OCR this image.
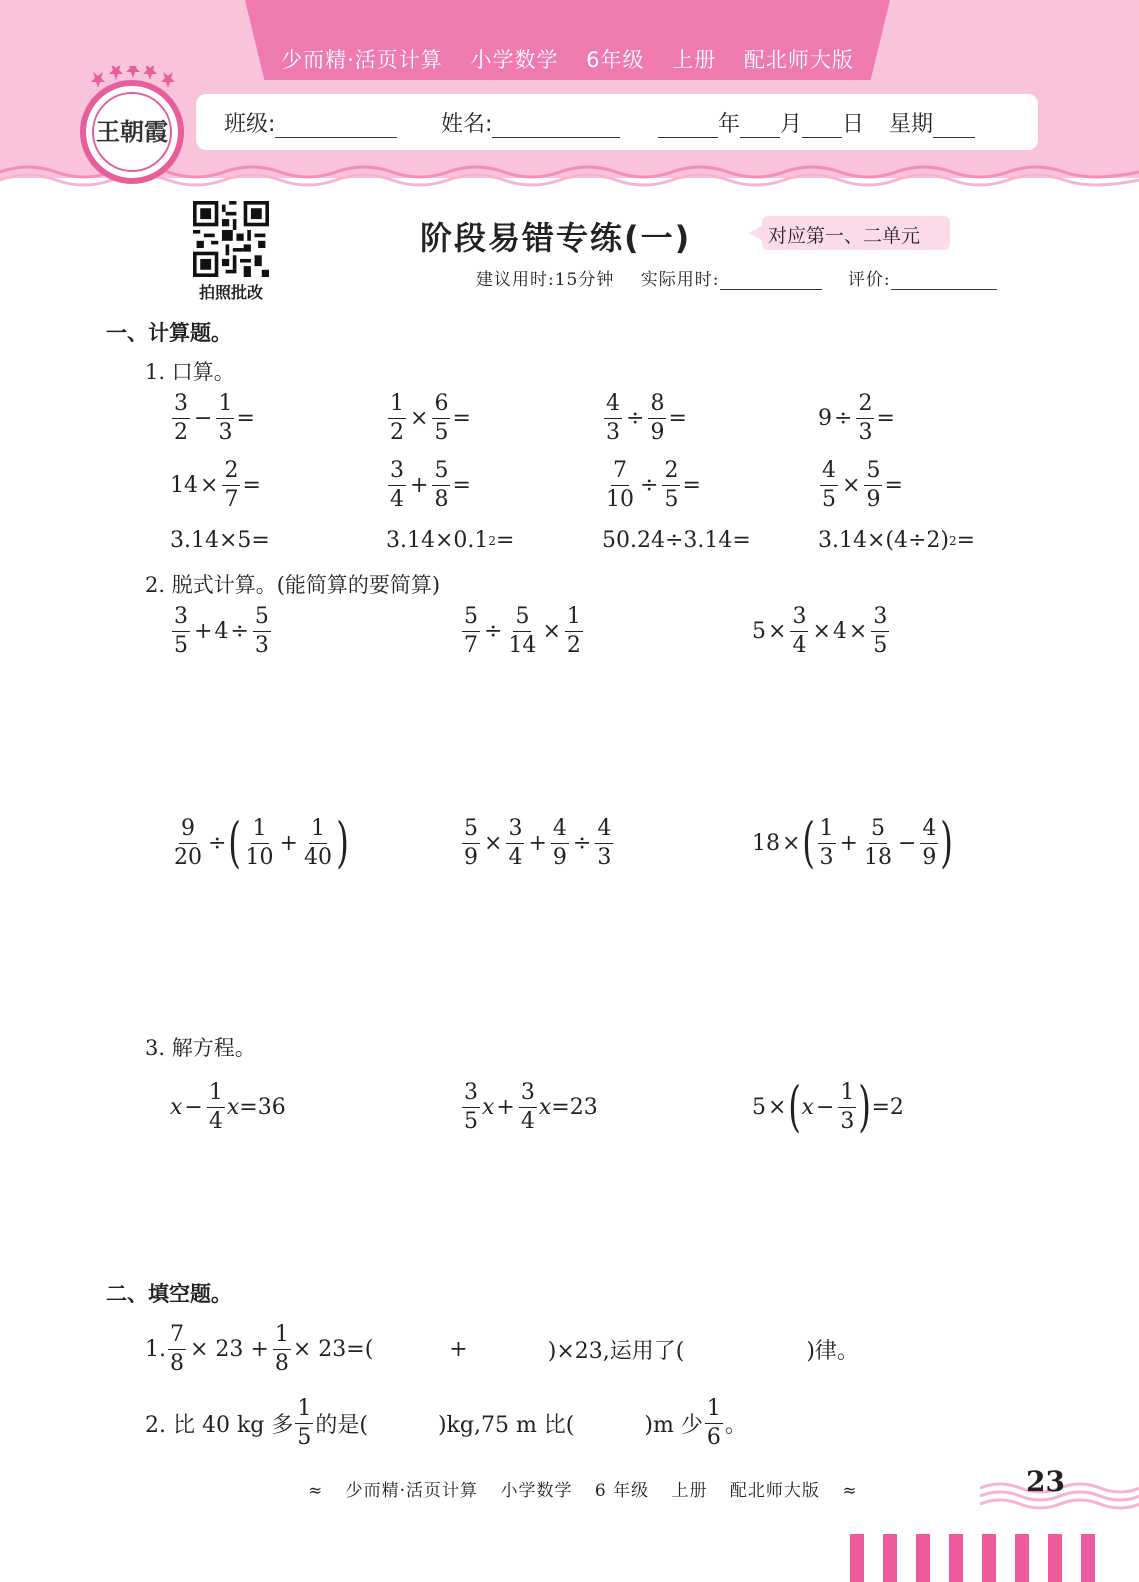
少而精·活页计算 小学数学 6年级 上册 配北师大版
班级:	姓名:	年 月 日 星期
王朝霞
拍照批改
阶段易错专练(一)	对应第一、二单元
建议用时:15分钟 实际用时:	评价:
一、计算题。
1. 口算。
$\frac{3}{2} - \frac{1}{3}$ =	$\frac{1}{2} \times \frac{6}{5}$ =	$\frac{4}{3} \div \frac{8}{9}$ =	$9 \div \frac{2}{3}$ =
$14 \times \frac{2}{7}$ =	$\frac{3}{4} + \frac{5}{8}$ =	$\frac{7}{10} \div \frac{2}{5}$ =	$\frac{4}{5} \times \frac{5}{9}$ =
3.14×5=	3.14×0.1 2 =	50.24÷3.14=	3.14×(4÷2) 2 =
2. 脱式计算。(能简算的要简算)
$\frac{3}{5} + 4 \div \frac{5}{3}$	$\frac{5}{7} \div \frac{5}{14} \times \frac{1}{2}$	$5 \times \frac{3}{4} \times 4 \times \frac{3}{5}$
$\frac{9}{20}$ ÷ ( $\frac{1}{10} + \frac{1}{40}$ )	$\frac{5}{9} \times \frac{3}{4} + \frac{4}{9} \div \frac{4}{3}$	18 × ( $\frac{1}{3} + \frac{5}{18} - \frac{4}{9}$ )
3. 解方程。
$x - \frac{1}{4}$ x =36	$\frac{3}{5}$ $x + \frac{3}{4}$ x =23	5 × ( $x - \frac{1}{3}$ ) =2
二、填空题。
1. $\frac{7}{8} \times 23 + \frac{1}{8} \times 23=$(	+	)×23,运用了(	)律。
2. 比 40 kg 多 $\frac{1}{5}$ 的是(	)kg,75 m 比(	)m 少 $\frac{1}{6}$ 。
≈ 少而精·活页计算 小学数学 6 年级 上册 配北师大版 ≈	23
